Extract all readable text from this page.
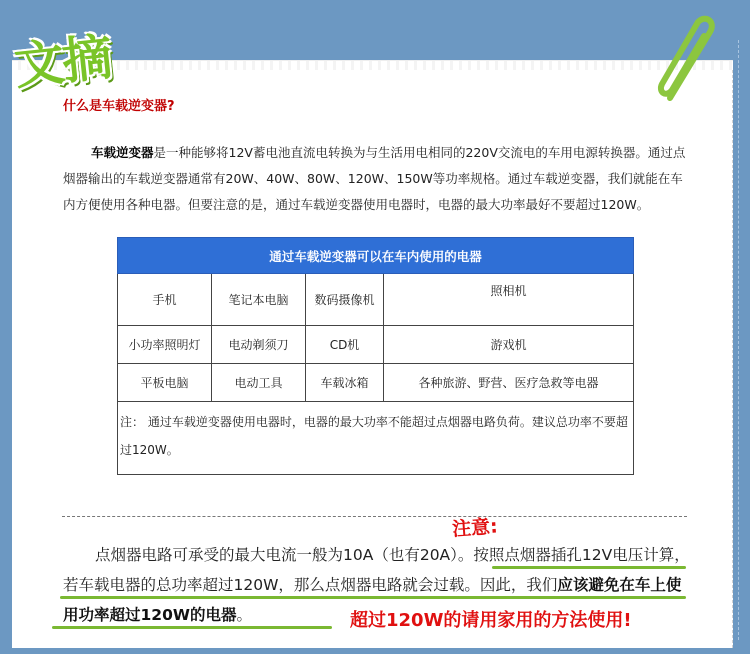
文摘
什么是车载逆变器?
车载逆变器是一种能够将12V蓄电池直流电转换为与生活用电相同的220V交流电的车用电源转换器。通过点烟器输出的车载逆变器通常有20W、40W、80W、120W、150W等功率规格。通过车载逆变器，我们就能在车内方便使用各种电器。但要注意的是，通过车载逆变器使用电器时，电器的最大功率最好不要超过120W。
通过车载逆变器可以在车内使用的电器			
手机	笔记本电脑	数码摄像机	照相机
小功率照明灯	电动剃须刀	CD机	游戏机
平板电脑	电动工具	车载冰箱	各种旅游、野营、医疗急救等电器
注： 通过车载逆变器使用电器时，电器的最大功率不能超过点烟器电路负荷。建议总功率不要超过120W。			
注意:
点烟器电路可承受的最大电流一般为10A（也有20A）。按照点烟器插孔12V电压计算，若车载电器的总功率超过120W，那么点烟器电路就会过载。因此，我们应该避免在车上使用功率超过120W的电器。	超过120W的请用家用的方法使用!
